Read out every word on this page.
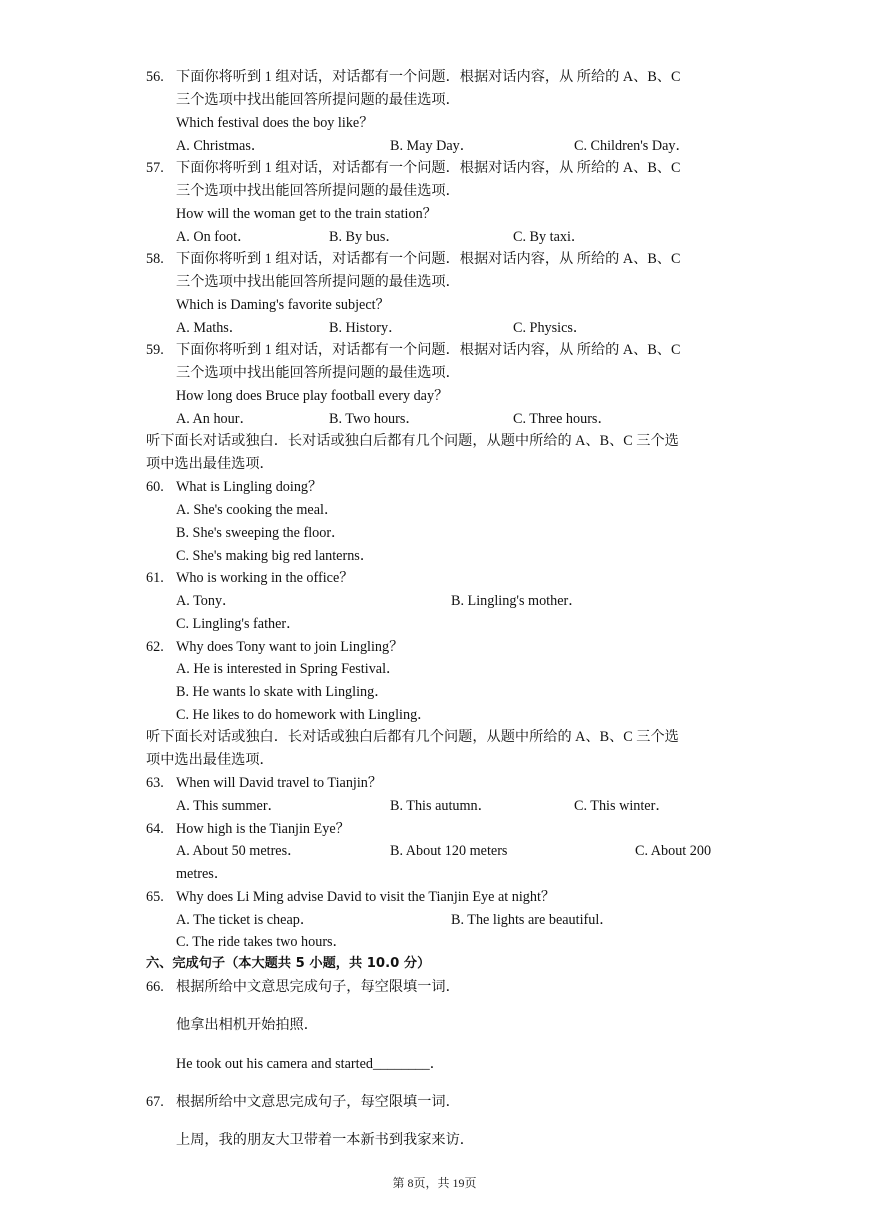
56. 下面你将听到 1 组对话，对话都有一个问题．根据对话内容，从 所给的 A、B、C
三个选项中找出能回答所提问题的最佳选项．
Which festival does the boy like？
A. Christmas．	B. May Day．	C. Children's Day．
57. 下面你将听到 1 组对话，对话都有一个问题．根据对话内容，从 所给的 A、B、C
三个选项中找出能回答所提问题的最佳选项．
How will the woman get to the train station？
A. On foot．	B. By bus．	C. By taxi．
58. 下面你将听到 1 组对话，对话都有一个问题．根据对话内容，从 所给的 A、B、C
三个选项中找出能回答所提问题的最佳选项．
Which is Daming's favorite subject？
A. Maths．	B. History．	C. Physics．
59. 下面你将听到 1 组对话，对话都有一个问题．根据对话内容，从 所给的 A、B、C
三个选项中找出能回答所提问题的最佳选项．
How long does Bruce play football every day？
A. An hour．	B. Two hours．	C. Three hours．
听下面长对话或独白．长对话或独白后都有几个问题，从题中所给的 A、B、C 三个选
项中选出最佳选项．
60. What is Lingling doing？
A. She's cooking the meal．
B. She's sweeping the floor．
C. She's making big red lanterns．
61. Who is working in the office？
A. Tony．	B. Lingling's mother．
C. Lingling's father．
62. Why does Tony want to join Lingling？
A. He is interested in Spring Festival．
B. He wants lo skate with Lingling．
C. He likes to do homework with Lingling．
听下面长对话或独白．长对话或独白后都有几个问题，从题中所给的 A、B、C 三个选
项中选出最佳选项．
63. When will David travel to Tianjin？
A. This summer．	B. This autumn．	C. This winter．
64. How high is the Tianjin Eye？
A. About 50 metres．	B. About 120 meters	C. About 200
metres．
65. Why does Li Ming advise David to visit the Tianjin Eye at night？
A. The ticket is cheap．	B. The lights are beautiful．
C. The ride takes two hours．
六、完成句子（本大题共 5 小题，共 10.0 分）
66. 根据所给中文意思完成句子，每空限填一词．
他拿出相机开始拍照．
He took out his camera and started________．
67. 根据所给中文意思完成句子，每空限填一词．
上周，我的朋友大卫带着一本新书到我家来访．
第 8页，共 19页
